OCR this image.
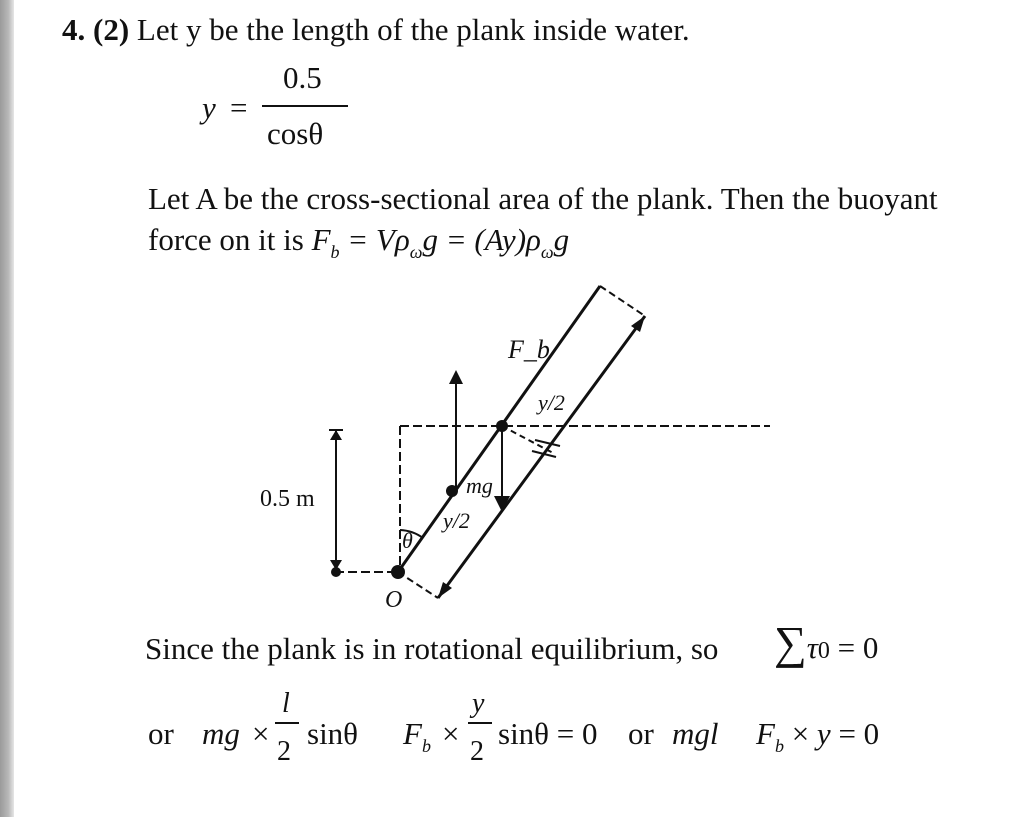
4. (2) Let y be the length of the plank inside water.
y =
0.5
cosθ
Let A be the cross-sectional area of the plank. Then the buoyant
force on it is $F_b = V\rho_\omega g = (Ay)\rho_\omega g$
F_b
y/2
mg
y/2
0.5 m
θ
O
Since the plank is in rotational equilibrium, so ∑τ0 = 0
or mg ×
l
2
sinθ $F_b$ ×
y
2
sinθ = 0 or mgl $F_b \times y = 0$
